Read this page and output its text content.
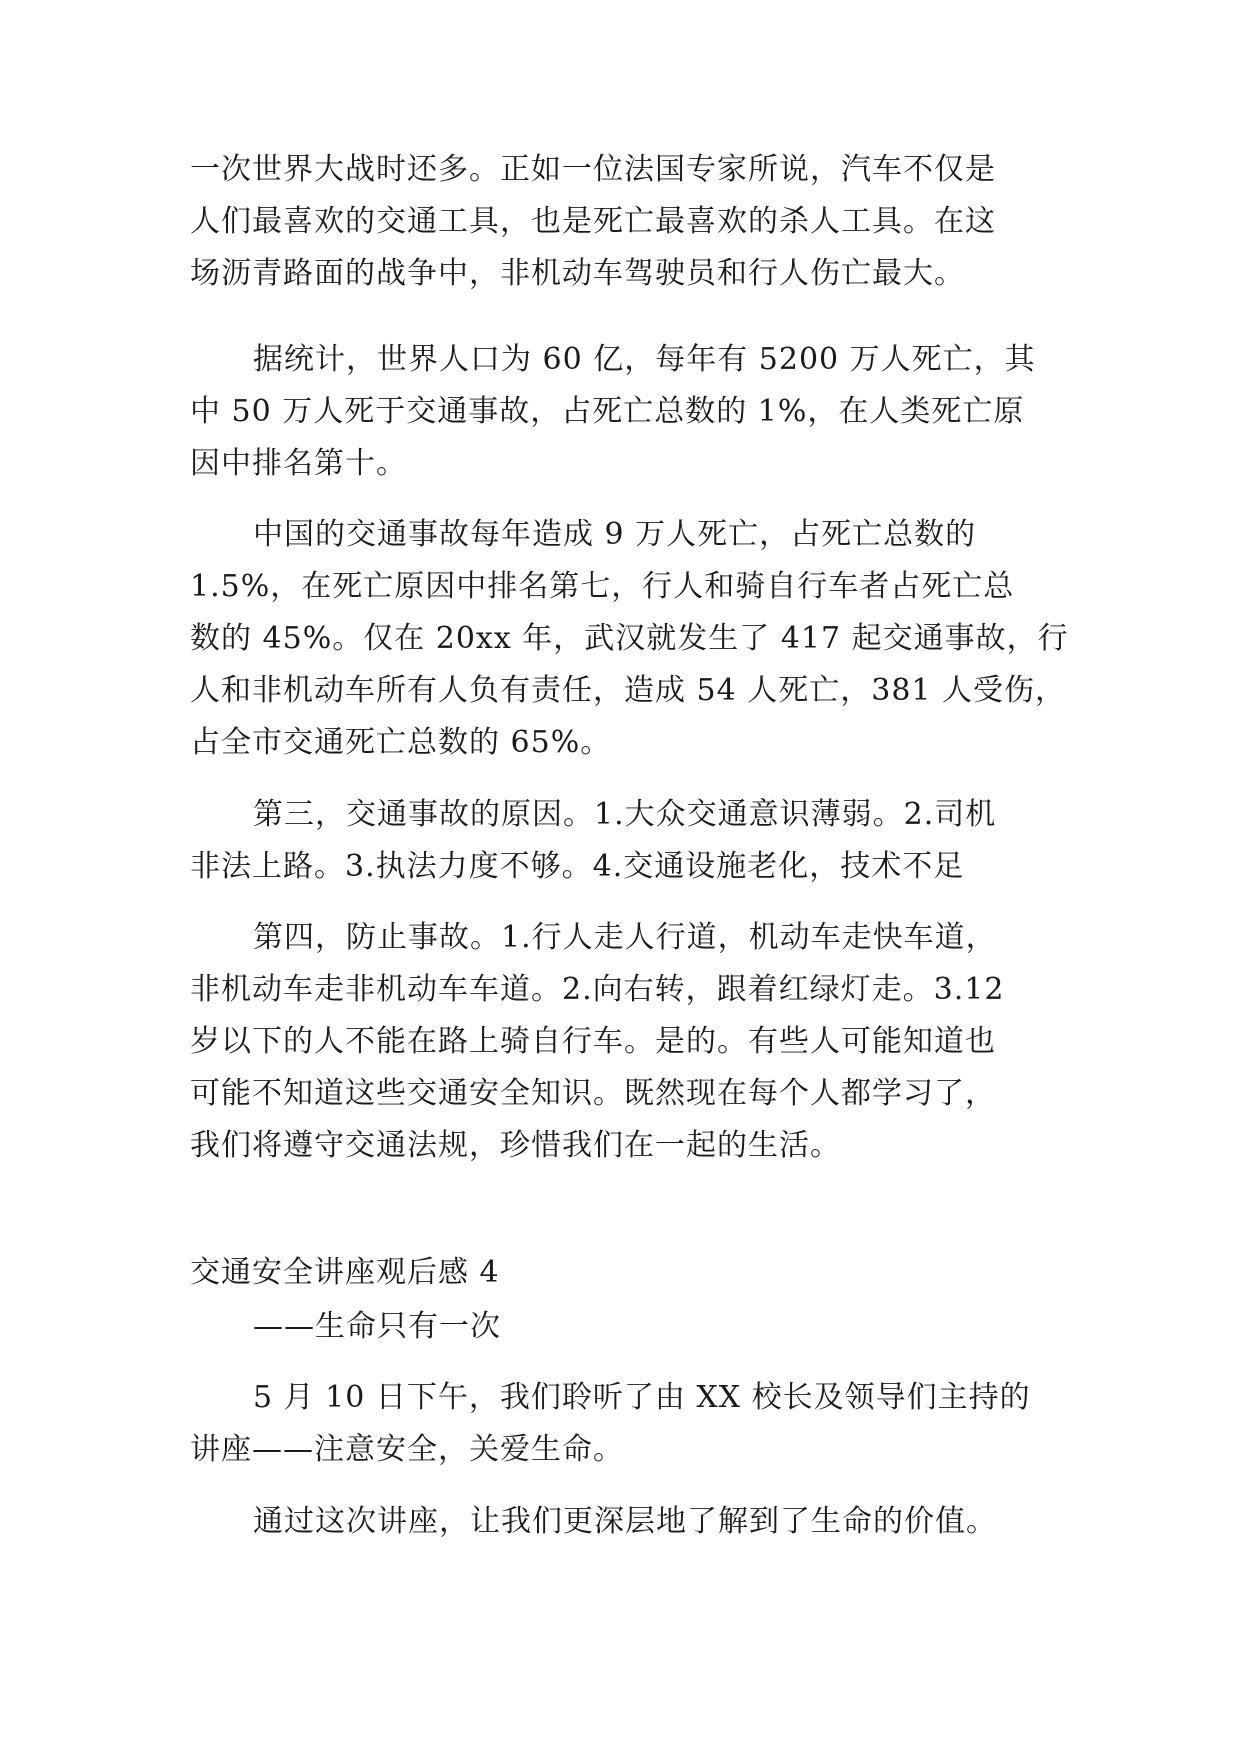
一次世界大战时还多。正如一位法国专家所说，汽车不仅是
人们最喜欢的交通工具，也是死亡最喜欢的杀人工具。在这
场沥青路面的战争中，非机动车驾驶员和行人伤亡最大。
据统计，世界人口为 60 亿，每年有 5200 万人死亡，其
中 50 万人死于交通事故，占死亡总数的 1%，在人类死亡原
因中排名第十。
中国的交通事故每年造成 9 万人死亡，占死亡总数的
1.5%，在死亡原因中排名第七，行人和骑自行车者占死亡总
数的 45%。仅在 20xx 年，武汉就发生了 417 起交通事故，行
人和非机动车所有人负有责任，造成 54 人死亡，381 人受伤，
占全市交通死亡总数的 65%。
第三，交通事故的原因。1.大众交通意识薄弱。2.司机
非法上路。3.执法力度不够。4.交通设施老化，技术不足
第四，防止事故。1.行人走人行道，机动车走快车道，
非机动车走非机动车车道。2.向右转，跟着红绿灯走。3.12
岁以下的人不能在路上骑自行车。是的。有些人可能知道也
可能不知道这些交通安全知识。既然现在每个人都学习了，
我们将遵守交通法规，珍惜我们在一起的生活。
交通安全讲座观后感 4
——生命只有一次
5 月 10 日下午，我们聆听了由 XX 校长及领导们主持的
讲座——注意安全，关爱生命。
通过这次讲座，让我们更深层地了解到了生命的价值。
